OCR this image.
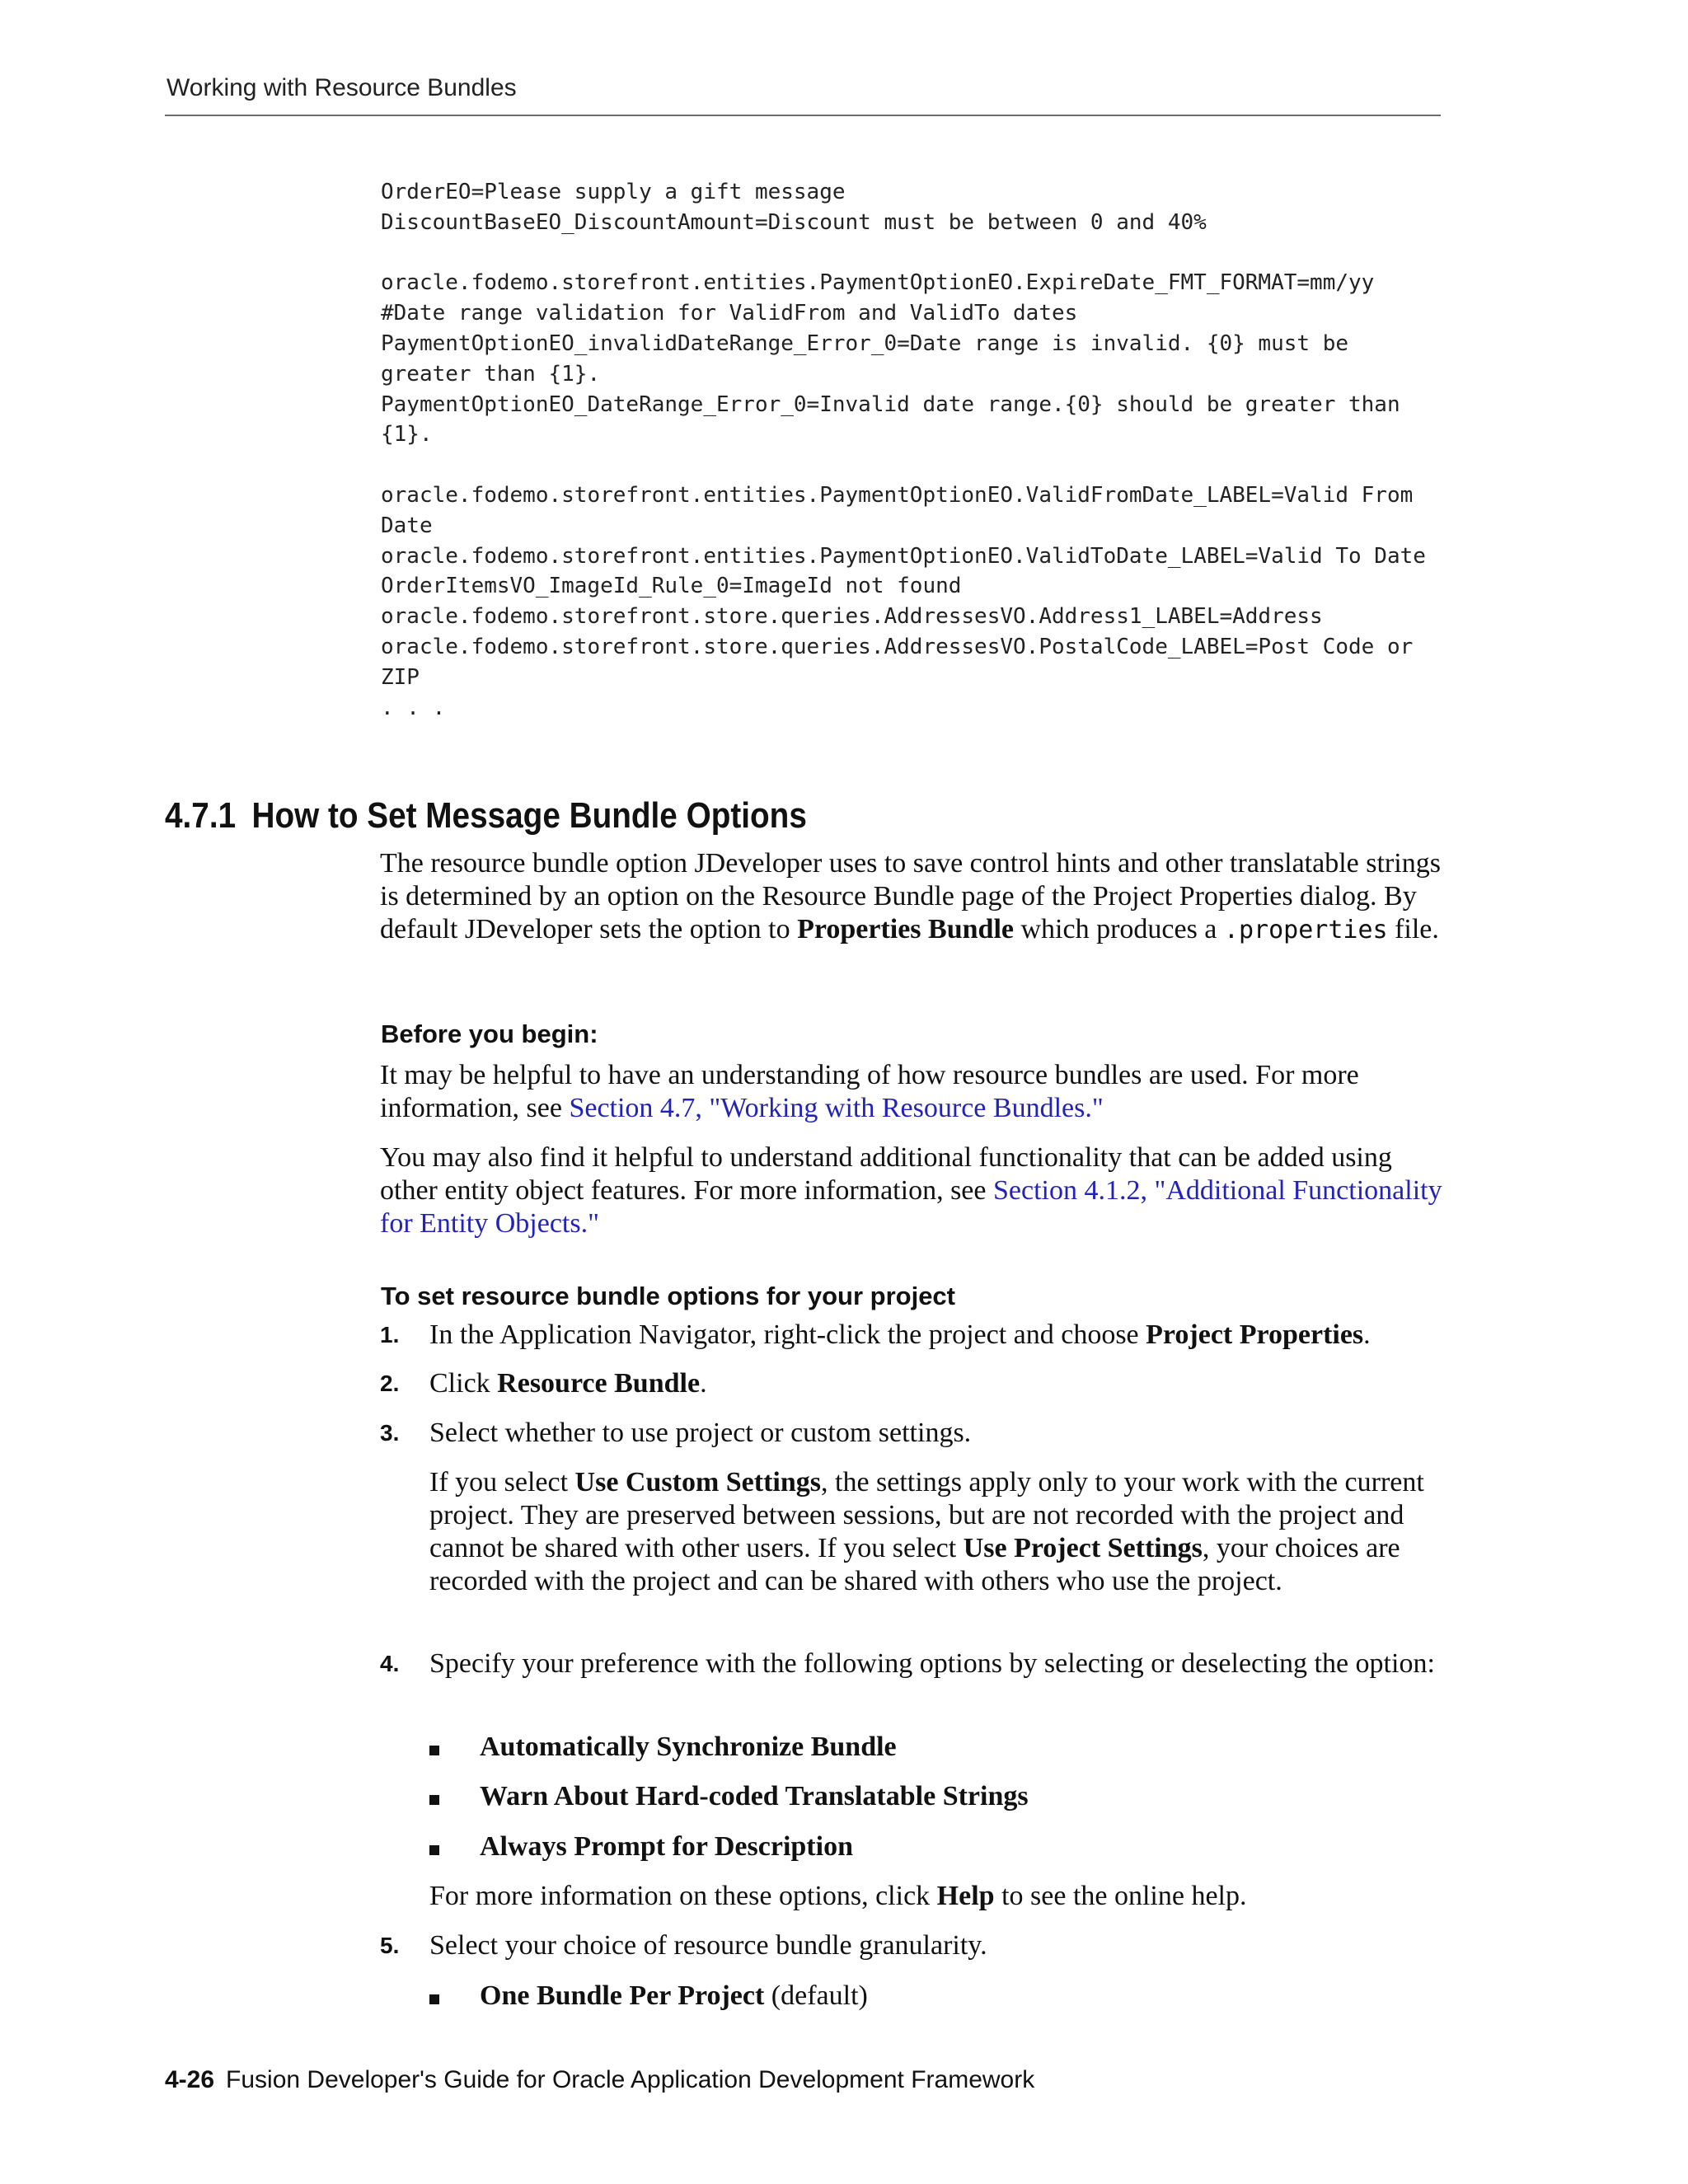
Working with Resource Bundles
OrderEO=Please supply a gift message
DiscountBaseEO_DiscountAmount=Discount must be between 0 and 40%

oracle.fodemo.storefront.entities.PaymentOptionEO.ExpireDate_FMT_FORMAT=mm/yy
#Date range validation for ValidFrom and ValidTo dates
PaymentOptionEO_invalidDateRange_Error_0=Date range is invalid. {0} must be
greater than {1}.
PaymentOptionEO_DateRange_Error_0=Invalid date range.{0} should be greater than
{1}.

oracle.fodemo.storefront.entities.PaymentOptionEO.ValidFromDate_LABEL=Valid From
Date
oracle.fodemo.storefront.entities.PaymentOptionEO.ValidToDate_LABEL=Valid To Date
OrderItemsVO_ImageId_Rule_0=ImageId not found
oracle.fodemo.storefront.store.queries.AddressesVO.Address1_LABEL=Address
oracle.fodemo.storefront.store.queries.AddressesVO.PostalCode_LABEL=Post Code or
ZIP
. . .
4.7.1 How to Set Message Bundle Options

The resource bundle option JDeveloper uses to save control hints and other translatable strings is determined by an option on the Resource Bundle page of the Project Properties dialog. By default JDeveloper sets the option to Properties Bundle which produces a .properties file.

Before you begin:

It may be helpful to have an understanding of how resource bundles are used. For more information, see Section 4.7, "Working with Resource Bundles."

You may also find it helpful to understand additional functionality that can be added using other entity object features. For more information, see Section 4.1.2, "Additional Functionality for Entity Objects."

To set resource bundle options for your project
1. In the Application Navigator, right-click the project and choose Project Properties.
2. Click Resource Bundle.
3. Select whether to use project or custom settings.
If you select Use Custom Settings, the settings apply only to your work with the current project. They are preserved between sessions, but are not recorded with the project and cannot be shared with other users. If you select Use Project Settings, your choices are recorded with the project and can be shared with others who use the project.
4. Specify your preference with the following options by selecting or deselecting the option:
Automatically Synchronize Bundle
Warn About Hard-coded Translatable Strings
Always Prompt for Description
For more information on these options, click Help to see the online help.
5. Select your choice of resource bundle granularity.
One Bundle Per Project (default)
4-26 Fusion Developer's Guide for Oracle Application Development Framework
